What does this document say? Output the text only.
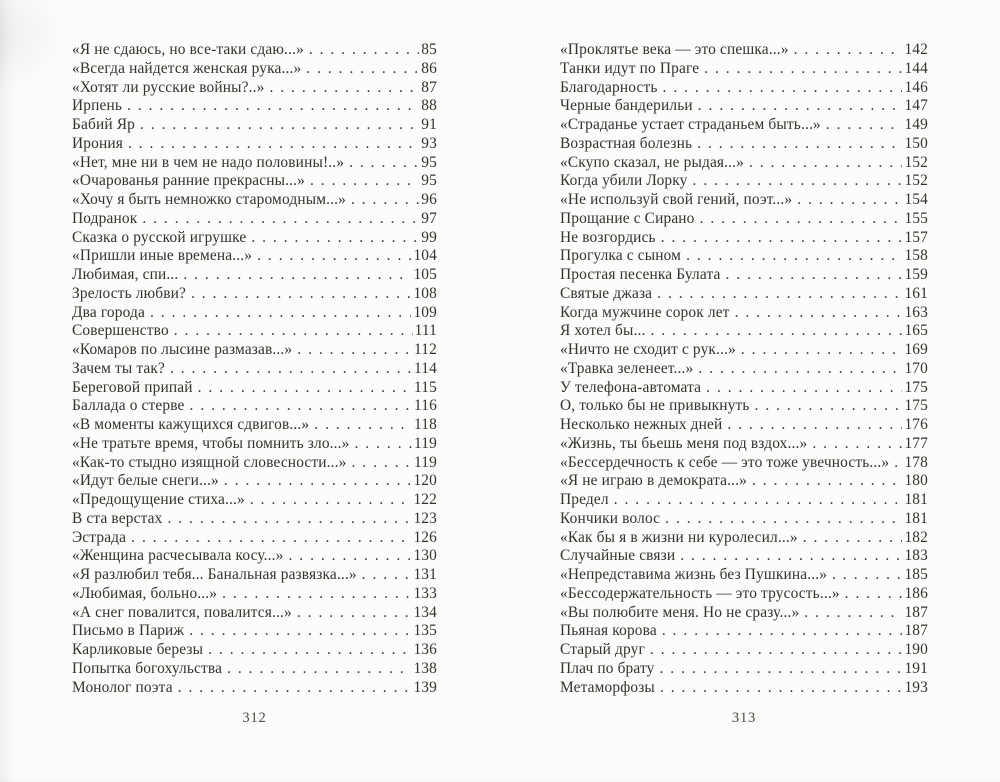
«Я не сдаюсь, но все-таки сдаю...» . . .	85
«Всегда найдется женская рука...» . . .	86
«Хотят ли русские войны?..» . . .	87
Ирпень . . .	88
Бабий Яр . . .	91
Ирония . . .	93
«Нет, мне ни в чем не надо половины!..» . . .	95
«Очарованья ранние прекрасны...» . . .	95
«Хочу я быть немножко старомодным...» . . .	96
Подранок . . .	97
Сказка о русской игрушке . . .	99
«Пришли иные времена...» . . .	104
Любимая, спи... . . .	105
Зрелость любви? . . .	108
Два города . . .	109
Совершенство . . .	111
«Комаров по лысине размазав...» . . .	112
Зачем ты так? . . .	114
Береговой припай . . .	115
Баллада о стерве . . .	116
«В моменты кажущихся сдвигов...» . . .	118
«Не тратьте время, чтобы помнить зло...» . . .	119
«Как-то стыдно изящной словесности...» . . .	119
«Идут белые снеги...» . . .	120
«Предощущение стиха...» . . .	122
В ста верстах . . .	123
Эстрада . . .	126
«Женщина расчесывала косу...» . . .	130
«Я разлюбил тебя... Банальная развязка...» . . .	131
«Любимая, больно...» . . .	133
«А снег повалится, повалится...» . . .	134
Письмо в Париж . . .	135
Карликовые березы . . .	136
Попытка богохульства . . .	138
Монолог поэта . . .	139
312
«Проклятье века — это спешка...» . . .	142
Танки идут по Праге . . .	144
Благодарность . . .	146
Черные бандерильи . . .	147
«Страданье устает страданьем быть...» . . .	149
Возрастная болезнь . . .	150
«Скупо сказал, не рыдая...» . . .	152
Когда убили Лорку . . .	152
«Не используй свой гений, поэт...» . . .	154
Прощание с Сирано . . .	155
Не возгордись . . .	157
Прогулка с сыном . . .	158
Простая песенка Булата . . .	159
Святые джаза . . .	161
Когда мужчине сорок лет . . .	163
Я хотел бы... . . .	165
«Ничто не сходит с рук...» . . .	169
«Травка зеленеет...» . . .	170
У телефона-автомата . . .	175
О, только бы не привыкнуть . . .	175
Несколько нежных дней . . .	176
«Жизнь, ты бьешь меня под вздох...» . . .	177
«Бессердечность к себе — это тоже увечность...» . . . 178
«Я не играю в демократа...» . . .	180
Предел . . .	181
Кончики волос . . .	181
«Как бы я в жизни ни куролесил...» . . .	182
Случайные связи . . .	183
«Непредставима жизнь без Пушкина...» . . .	185
«Бессодержательность — это трусость...» . . .	186
«Вы полюбите меня. Но не сразу...» . . .	187
Пьяная корова . . .	187
Старый друг . . .	190
Плач по брату . . .	191
Метаморфозы . . .	193
313
